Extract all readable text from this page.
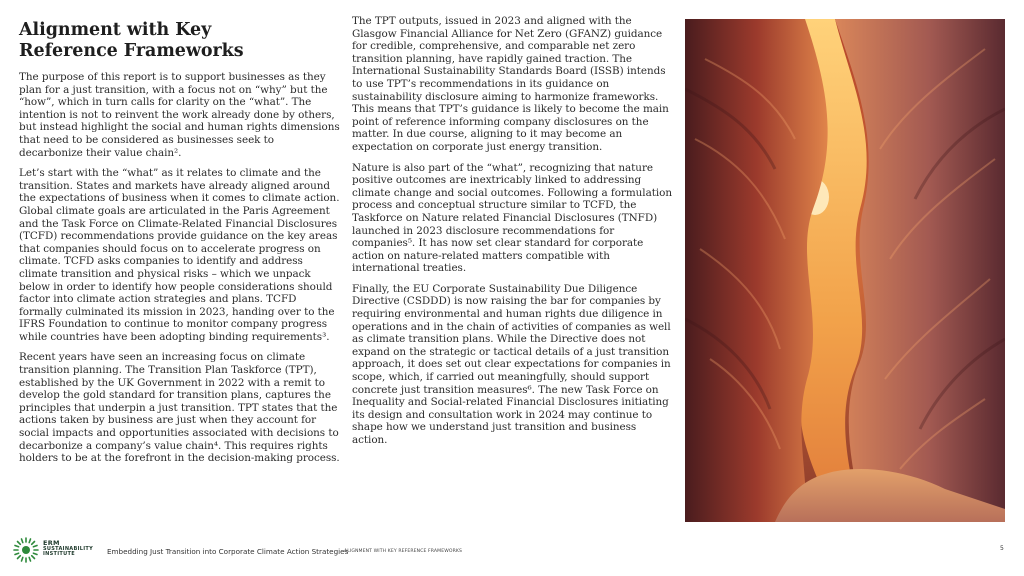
Alignment with Key Reference Frameworks

The purpose of this report is to support businesses as they plan for a just transition, with a focus not on “why” but the “how”, which in turn calls for clarity on the “what”. The intention is not to reinvent the work already done by others, but instead highlight the social and human rights dimensions that need to be considered as businesses seek to decarbonize their value chain².

Let’s start with the “what” as it relates to climate and the transition. States and markets have already aligned around the expectations of business when it comes to climate action. Global climate goals are articulated in the Paris Agreement and the Task Force on Climate-Related Financial Disclosures (TCFD) recommendations provide guidance on the key areas that companies should focus on to accelerate progress on climate. TCFD asks companies to identify and address climate transition and physical risks – which we unpack below in order to identify how people considerations should factor into climate action strategies and plans. TCFD formally culminated its mission in 2023, handing over to the IFRS Foundation to continue to monitor company progress while countries have been adopting binding requirements³.

Recent years have seen an increasing focus on climate transition planning. The Transition Plan Taskforce (TPT), established by the UK Government in 2022 with a remit to develop the gold standard for transition plans, captures the principles that underpin a just transition. TPT states that the actions taken by business are just when they account for social impacts and opportunities associated with decisions to decarbonize a company’s value chain⁴. This requires rights holders to be at the forefront in the decision-making process.

The TPT outputs, issued in 2023 and aligned with the Glasgow Financial Alliance for Net Zero (GFANZ) guidance for credible, comprehensive, and comparable net zero transition planning, have rapidly gained traction. The International Sustainability Standards Board (ISSB) intends to use TPT’s recommendations in its guidance on sustainability disclosure aiming to harmonize frameworks. This means that TPT’s guidance is likely to become the main point of reference informing company disclosures on the matter. In due course, aligning to it may become an expectation on corporate just energy transition.

Nature is also part of the “what”, recognizing that nature positive outcomes are inextricably linked to addressing climate change and social outcomes. Following a formulation process and conceptual structure similar to TCFD, the Taskforce on Nature related Financial Disclosures (TNFD) launched in 2023 disclosure recommendations for companies⁵. It has now set clear standard for corporate action on nature-related matters compatible with international treaties.

Finally, the EU Corporate Sustainability Due Diligence Directive (CSDDD) is now raising the bar for companies by requiring environmental and human rights due diligence in operations and in the chain of activities of companies as well as climate transition plans. While the Directive does not expand on the strategic or tactical details of a just transition approach, it does set out clear expectations for companies in scope, which, if carried out meaningfully, should support concrete just transition measures⁶. The new Task Force on Inequality and Social-related Financial Disclosures initiating its design and consultation work in 2024 may continue to shape how we understand just transition and business action.

ERM
SUSTAINABILITY
INSTITUTE	Embedding Just Transition into Corporate Climate Action Strategies
ALIGNMENT WITH KEY REFERENCE FRAMEWORKS	5
